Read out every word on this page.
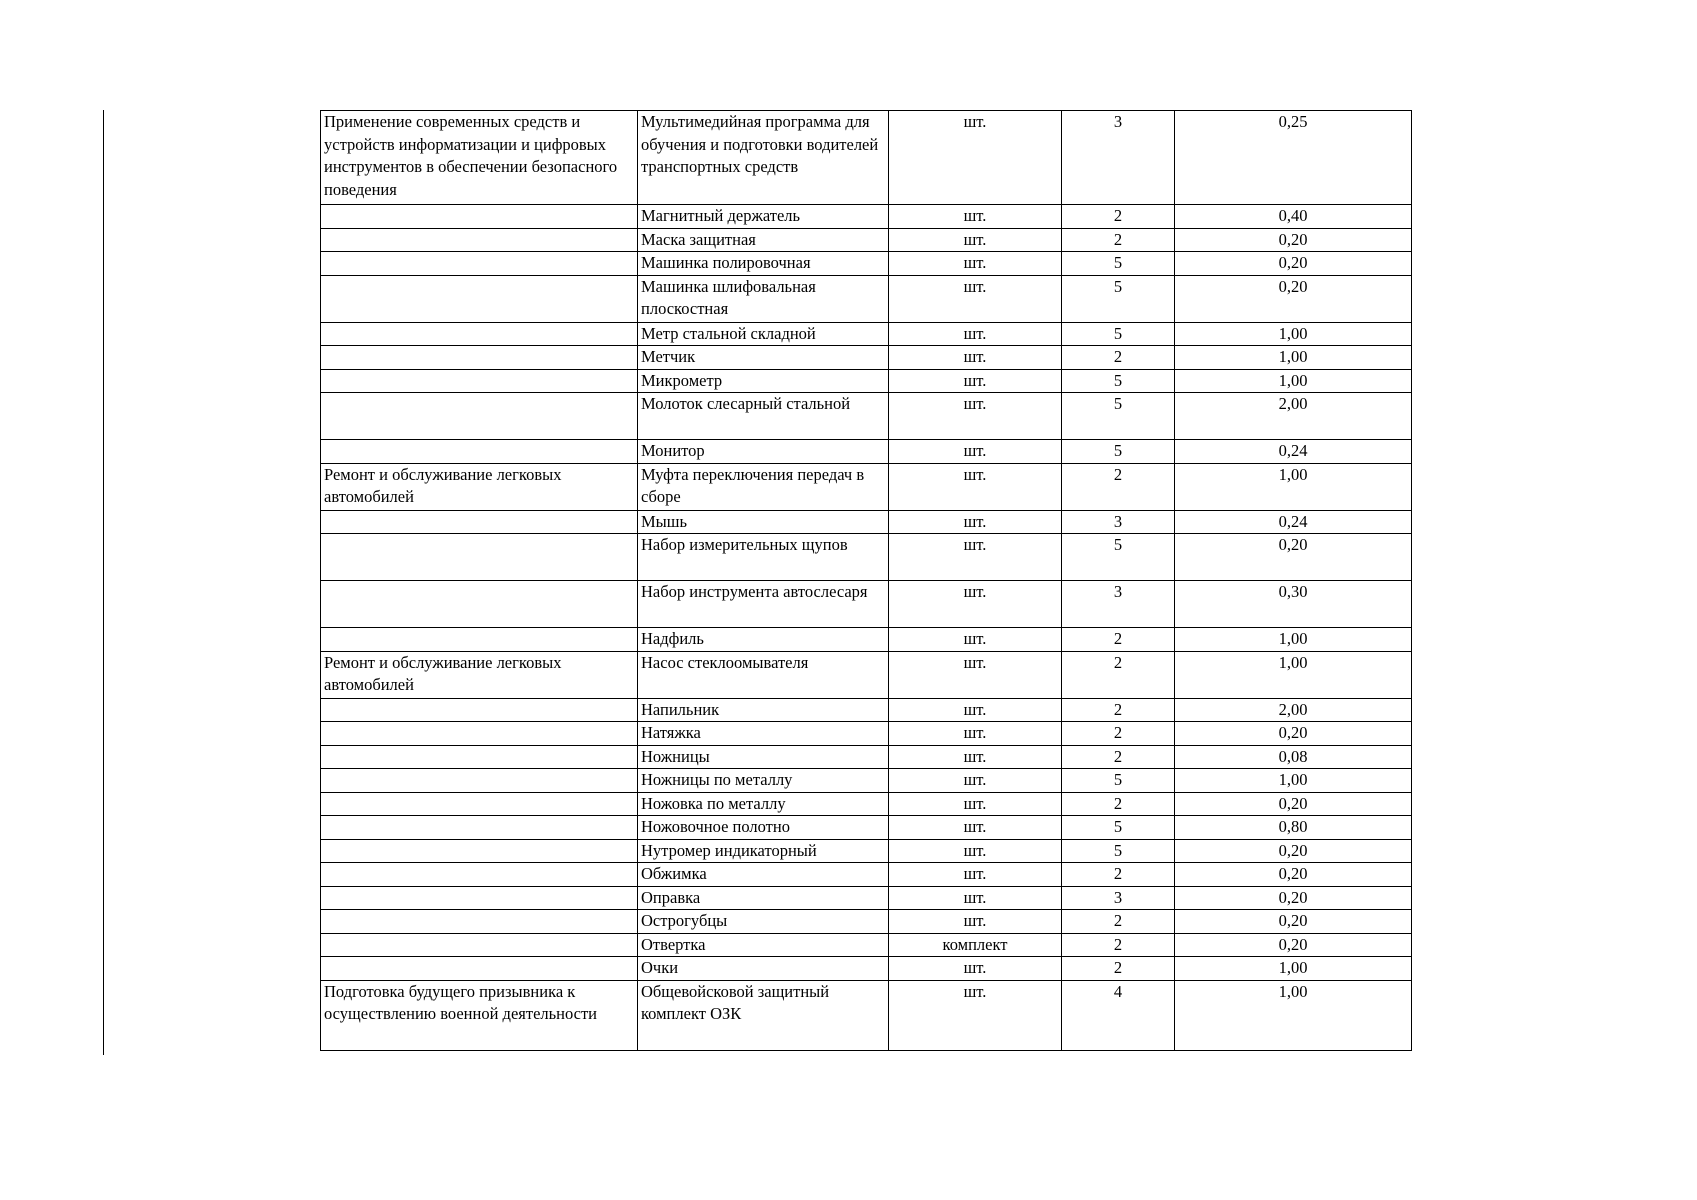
Применение современных средств и устройств информатизации и цифровых инструментов в обеспечении безопасного поведения	Мультимедийная программа для обучения и подготовки водителей транспортных средств	шт.	3	0,25
	Магнитный держатель	шт.	2	0,40
	Маска защитная	шт.	2	0,20
	Машинка полировочная	шт.	5	0,20
	Машинка шлифовальная плоскостная	шт.	5	0,20
	Метр стальной складной	шт.	5	1,00
	Метчик	шт.	2	1,00
	Микрометр	шт.	5	1,00
	Молоток слесарный стальной	шт.	5	2,00
	Монитор	шт.	5	0,24
Ремонт и обслуживание легковых автомобилей	Муфта переключения передач в сборе	шт.	2	1,00
	Мышь	шт.	3	0,24
	Набор измерительных щупов	шт.	5	0,20
	Набор инструмента автослесаря	шт.	3	0,30
	Надфиль	шт.	2	1,00
Ремонт и обслуживание легковых автомобилей	Насос стеклоомывателя	шт.	2	1,00
	Напильник	шт.	2	2,00
	Натяжка	шт.	2	0,20
	Ножницы	шт.	2	0,08
	Ножницы по металлу	шт.	5	1,00
	Ножовка по металлу	шт.	2	0,20
	Ножовочное полотно	шт.	5	0,80
	Нутромер индикаторный	шт.	5	0,20
	Обжимка	шт.	2	0,20
	Оправка	шт.	3	0,20
	Острогубцы	шт.	2	0,20
	Отвертка	комплект	2	0,20
	Очки	шт.	2	1,00
Подготовка будущего призывника к осуществлению военной деятельности	Общевойсковой защитный комплект ОЗК	шт.	4	1,00
